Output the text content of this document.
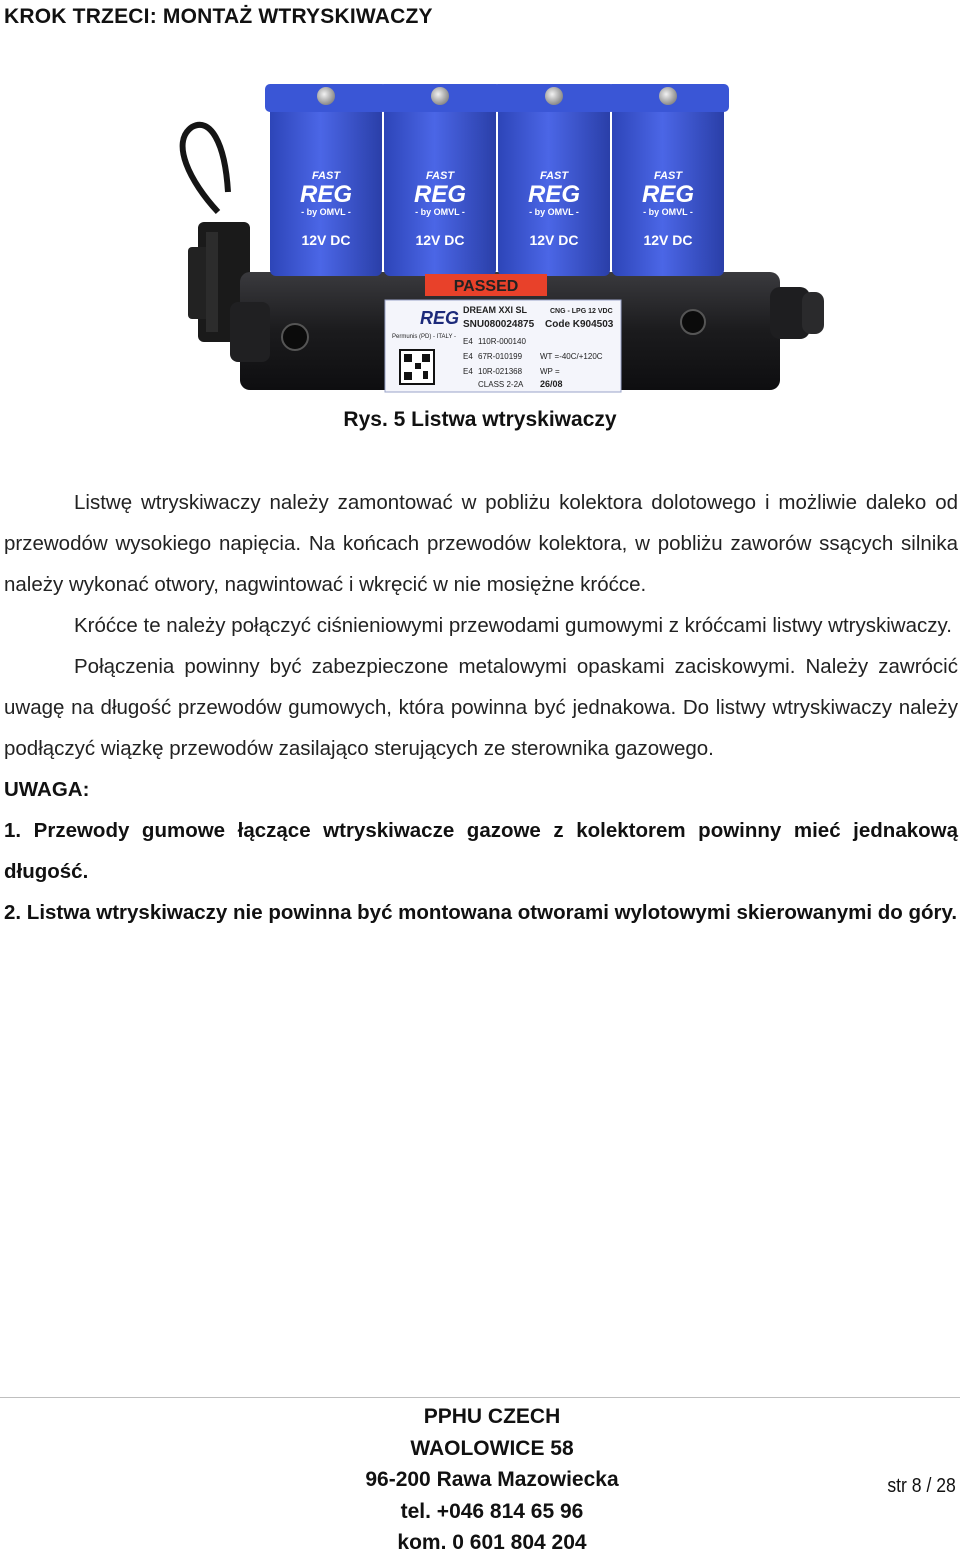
KROK TRZECI: MONTAŻ WTRYSKIWACZY
FAST
REG
- by OMVL -
12V DC
FAST
REG
- by OMVL -
12V DC
FAST
REG
- by OMVL -
12V DC
FAST
REG
- by OMVL -
12V DC
PASSED
REG DREAM XXI SL	CNG - LPG 12 VDC
SNU080024875 Code K904503
Permunis (PD) - ITALY - E4 110R-000140
E4 67R-010199 WT =-40C/+120C
E4 10R-021368 WP =
CLASS 2-2A 26/08
Rys. 5 Listwa wtryskiwaczy

Listwę wtryskiwaczy należy zamontować w pobliżu kolektora dolotowego i możliwie daleko od przewodów wysokiego napięcia. Na końcach przewodów kolektora, w pobliżu zaworów ssących silnika należy wykonać otwory, nagwintować i wkręcić w nie mosiężne króćce.

Króćce te należy połączyć ciśnieniowymi przewodami gumowymi z króćcami listwy wtryskiwaczy.

Połączenia powinny być zabezpieczone metalowymi opaskami zaciskowymi. Należy zawrócić uwagę na długość przewodów gumowych, która powinna być jednakowa. Do listwy wtryskiwaczy należy podłączyć wiązkę przewodów zasilająco sterujących ze sterownika gazowego.

UWAGA:

1. Przewody gumowe łączące wtryskiwacze gazowe z kolektorem powinny mieć jednakową długość.

2. Listwa wtryskiwaczy nie powinna być montowana otworami wylotowymi skierowanymi do góry.

PPHU CZECH
WAOLOWICE 58
96-200 Rawa Mazowiecka
tel. +046 814 65 96
kom. 0 601 804 204
str 8 / 28
